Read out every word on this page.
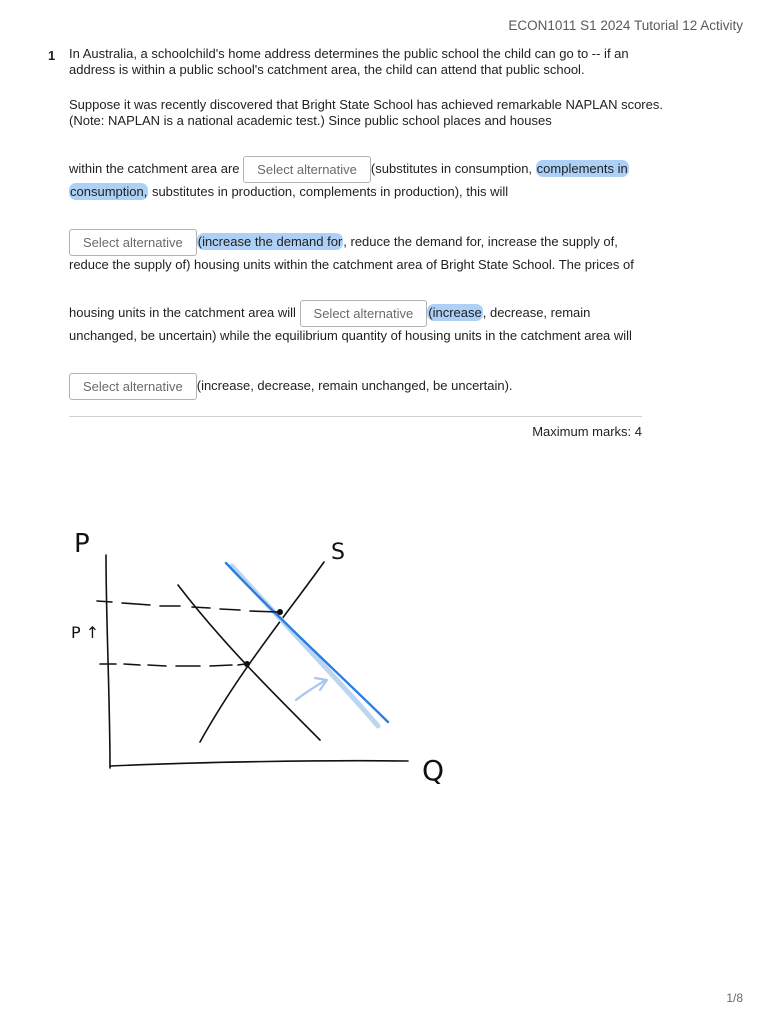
ECON1011 S1 2024 Tutorial 12 Activity
1 In Australia, a schoolchild's home address determines the public school the child can go to -- if an address is within a public school's catchment area, the child can attend that public school.
Suppose it was recently discovered that Bright State School has achieved remarkable NAPLAN scores. (Note: NAPLAN is a national academic test.) Since public school places and houses
within the catchment area are Select alternative (substitutes in consumption, complements in
consumption, substitutes in production, complements in production), this will
Select alternative (increase the demand for, reduce the demand for, increase the supply of,
reduce the supply of) housing units within the catchment area of Bright State School. The prices of
housing units in the catchment area will Select alternative (increase, decrease, remain
unchanged, be uncertain) while the equilibrium quantity of housing units in the catchment area will
Select alternative (increase, decrease, remain unchanged, be uncertain).
Maximum marks: 4
P
Q
S
P ↑
1/8
